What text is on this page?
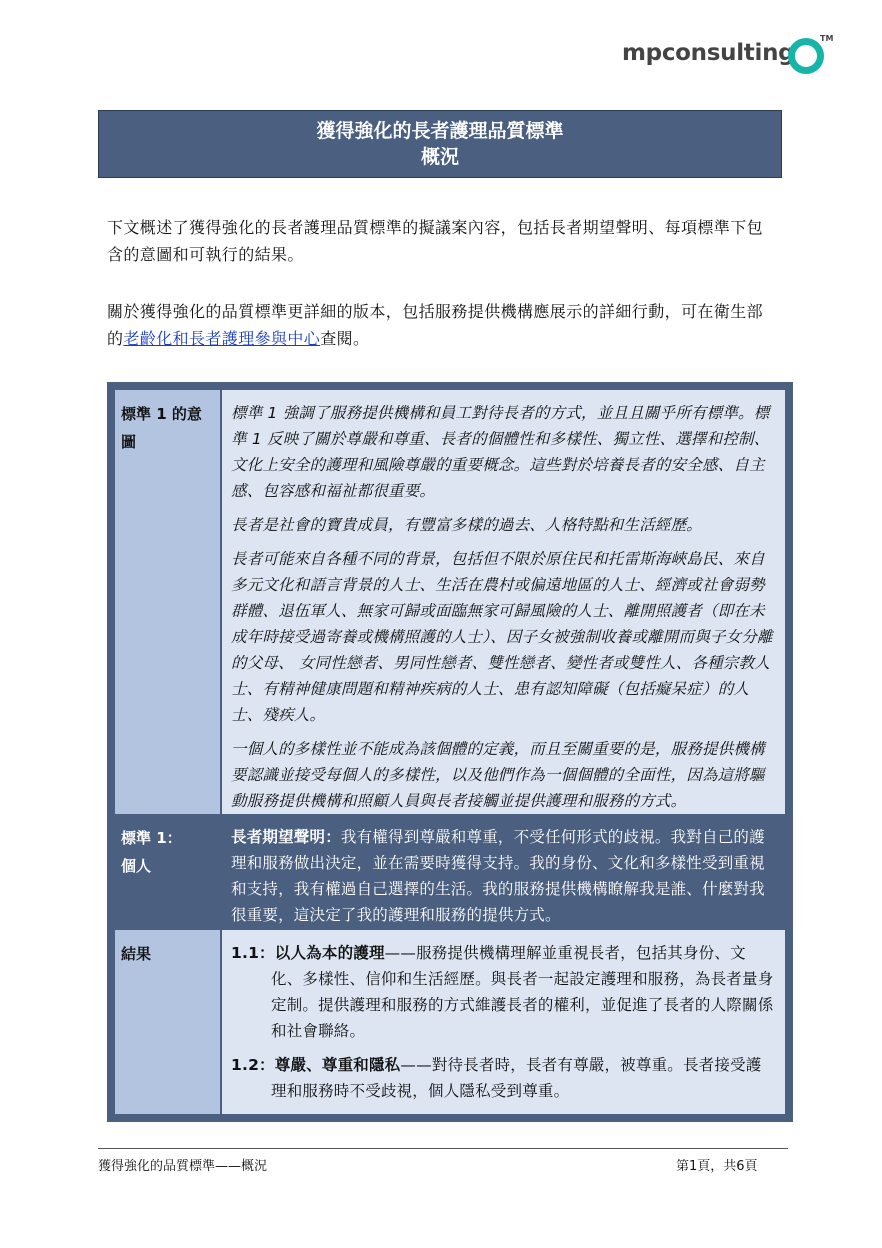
mpconsulting
TM
獲得強化的長者護理品質標準
概況
下文概述了獲得強化的長者護理品質標準的擬議案內容，包括長者期望聲明、每項標準下包含的意圖和可執行的結果。
關於獲得強化的品質標準更詳細的版本，包括服務提供機構應展示的詳細行動，可在衛生部的老齡化和長者護理參與中心查閱。
標準 1 的意圖

標準 1 強調了服務提供機構和員工對待長者的方式，並且且關乎所有標準。標準 1 反映了關於尊嚴和尊重、長者的個體性和多樣性、獨立性、選擇和控制、文化上安全的護理和風險尊嚴的重要概念。這些對於培養長者的安全感、自主感、包容感和福祉都很重要。

長者是社會的寶貴成員，有豐富多樣的過去、人格特點和生活經歷。

長者可能來自各種不同的背景，包括但不限於原住民和托雷斯海峽島民、來自多元文化和語言背景的人士、生活在農村或偏遠地區的人士、經濟或社會弱勢群體、退伍軍人、無家可歸或面臨無家可歸風險的人士、離開照護者（即在未成年時接受過寄養或機構照護的人士）、因子女被強制收養或離開而與子女分離的父母、 女同性戀者、男同性戀者、雙性戀者、變性者或雙性人、各種宗教人士、有精神健康問題和精神疾病的人士、患有認知障礙（包括癡呆症）的人士、殘疾人。

一個人的多樣性並不能成為該個體的定義，而且至關重要的是，服務提供機構要認識並接受每個人的多樣性，以及他們作為一個個體的全面性，因為這將驅動服務提供機構和照顧人員與長者接觸並提供護理和服務的方式。

標準 1：
個人
長者期望聲明：我有權得到尊嚴和尊重，不受任何形式的歧視。我對自己的護理和服務做出決定，並在需要時獲得支持。我的身份、文化和多樣性受到重視和支持，我有權過自己選擇的生活。我的服務提供機構瞭解我是誰、什麼對我很重要，這決定了我的護理和服務的提供方式。
結果	1.1：以人為本的護理——服務提供機構理解並重視長者，包括其身份、文化、多樣性、信仰和生活經歷。與長者一起設定護理和服務，為長者量身定制。提供護理和服務的方式維護長者的權利，並促進了長者的人際關係和社會聯絡。

1.2：尊嚴、尊重和隱私——對待長者時，長者有尊嚴，被尊重。長者接受護理和服務時不受歧視，個人隱私受到尊重。

獲得強化的品質標準——概況	第1頁，共6頁
